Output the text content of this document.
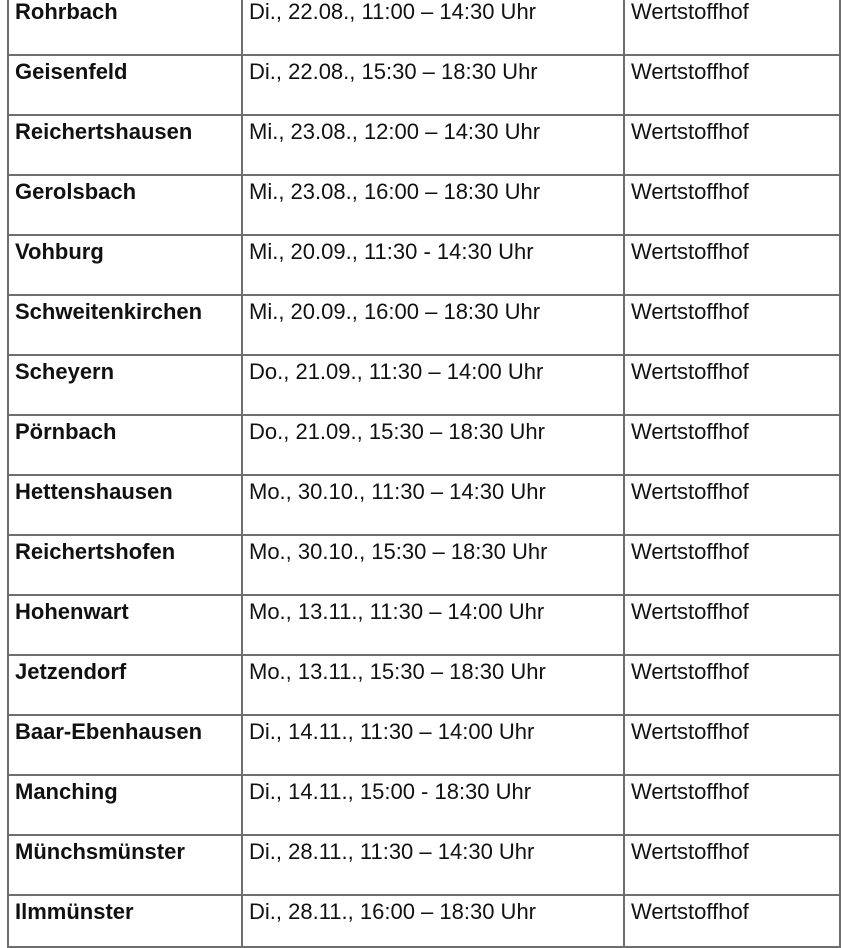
Rohrbach	Di., 22.08., 11:00 – 14:30 Uhr	Wertstoffhof
Geisenfeld	Di., 22.08., 15:30 – 18:30 Uhr	Wertstoffhof
Reichertshausen	Mi., 23.08., 12:00 – 14:30 Uhr	Wertstoffhof
Gerolsbach	Mi., 23.08., 16:00 – 18:30 Uhr	Wertstoffhof
Vohburg	Mi., 20.09., 11:30 - 14:30 Uhr	Wertstoffhof
Schweitenkirchen	Mi., 20.09., 16:00 – 18:30 Uhr	Wertstoffhof
Scheyern	Do., 21.09., 11:30 – 14:00 Uhr	Wertstoffhof
Pörnbach	Do., 21.09., 15:30 – 18:30 Uhr	Wertstoffhof
Hettenshausen	Mo., 30.10., 11:30 – 14:30 Uhr	Wertstoffhof
Reichertshofen	Mo., 30.10., 15:30 – 18:30 Uhr	Wertstoffhof
Hohenwart	Mo., 13.11., 11:30 – 14:00 Uhr	Wertstoffhof
Jetzendorf	Mo., 13.11., 15:30 – 18:30 Uhr	Wertstoffhof
Baar-Ebenhausen	Di., 14.11., 11:30 – 14:00 Uhr	Wertstoffhof
Manching	Di., 14.11., 15:00 - 18:30 Uhr	Wertstoffhof
Münchsmünster	Di., 28.11., 11:30 – 14:30 Uhr	Wertstoffhof
Ilmmünster	Di., 28.11., 16:00 – 18:30 Uhr	Wertstoffhof
